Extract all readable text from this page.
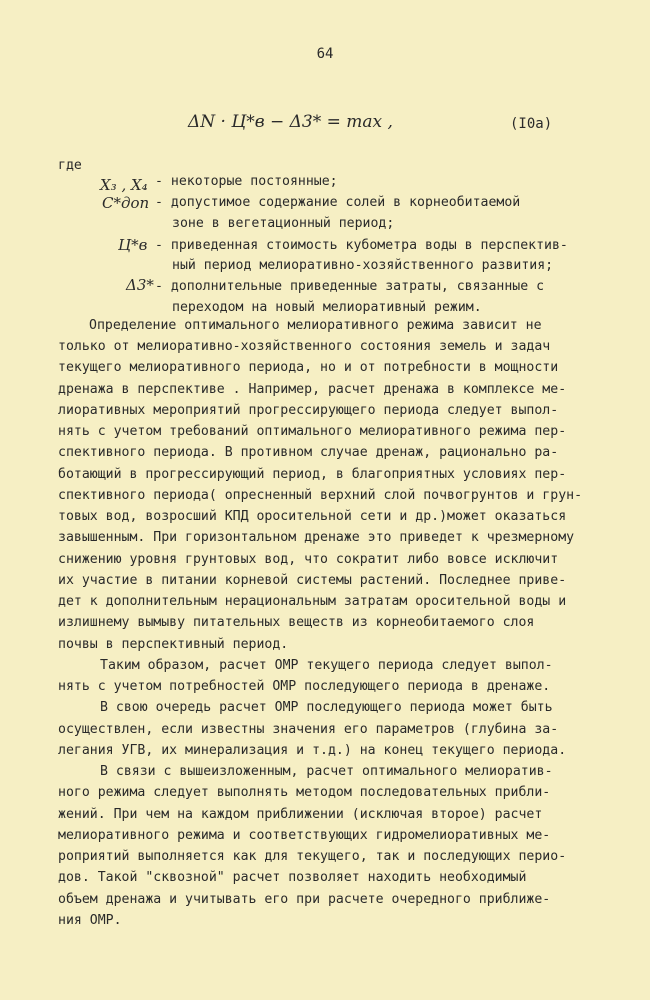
64
ΔN · Ц*в − Δ3* = max ,	(I0a)
где
X₃ , X₄ - некоторые постоянные;
C*доп - допустимое содержание солей в корнеобитаемой
зоне в вегетационный период;
Ц*в - приведенная стоимость кубометра воды в перспектив-
ный период мелиоративно-хозяйственного развития;
Δ3* - дополнительные приведенные затраты, связанные с
переходом на новый мелиоративный режим.
Определение оптимального мелиоративного режима зависит не
только от мелиоративно-хозяйственного состояния земель и задач
текущего мелиоративного периода, но и от потребности в мощности
дренажа в перспективе . Например, расчет дренажа в комплексе ме-
лиоративных мероприятий прогрессирующего периода следует выпол-
нять с учетом требований оптимального мелиоративного режима пер-
спективного периода. В противном случае дренаж, рационально ра-
ботающий в прогрессирующий период, в благоприятных условиях пер-
спективного периода( опресненный верхний слой почвогрунтов и грун-
товых вод, возросший КПД оросительной сети и др.)может оказаться
завышенным. При горизонтальном дренаже это приведет к чрезмерному
снижению уровня грунтовых вод, что сократит либо вовсе исключит
их участие в питании корневой системы растений. Последнее приве-
дет к дополнительным нерациональным затратам оросительной воды и
излишнему вымыву питательных веществ из корнеобитаемого слоя
почвы в перспективный период.
Таким образом, расчет ОМР текущего периода следует выпол-
нять с учетом потребностей ОМР последующего периода в дренаже.
В свою очередь расчет ОМР последующего периода может быть
осуществлен, если известны значения его параметров (глубина за-
легания УГВ, их минерализация и т.д.) на конец текущего периода.
В связи с вышеизложенным, расчет оптимального мелиоратив-
ного режима следует выполнять методом последовательных прибли-
жений. При чем на каждом приближении (исключая второе) расчет
мелиоративного режима и соответствующих гидромелиоративных ме-
роприятий выполняется как для текущего, так и последующих перио-
дов. Такой "сквозной" расчет позволяет находить необходимый
объем дренажа и учитывать его при расчете очередного приближе-
ния ОМР.
